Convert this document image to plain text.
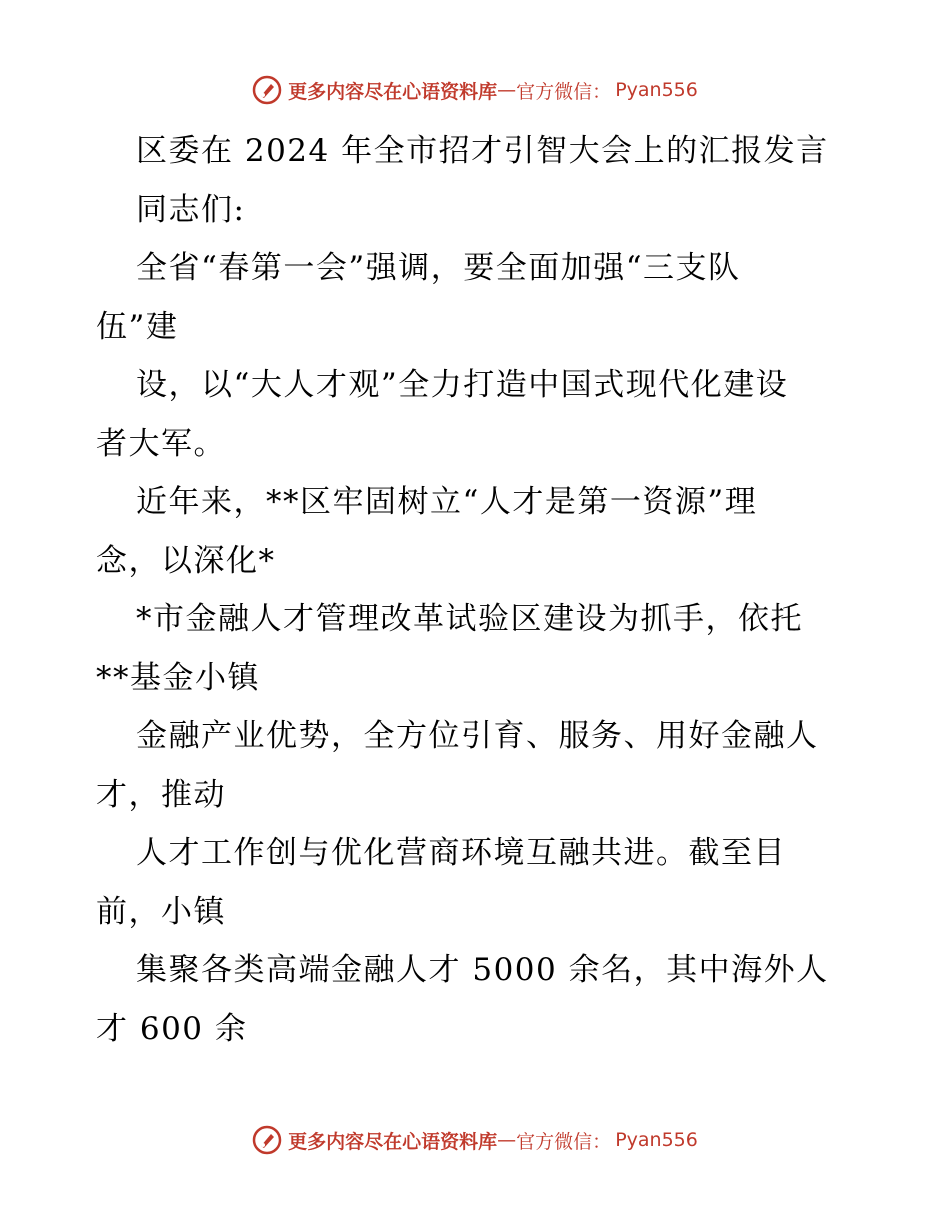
更多内容尽在心语资料库 — 官方微信： Pyan556
区委在 2024 年全市招才引智大会上的汇报发言
同志们:
全省“春第一会”强调，要全面加强“三支队
伍”建
设，以“大人才观”全力打造中国式现代化建设
者大军。
近年来，**区牢固树立“人才是第一资源”理
念，以深化*
*市金融人才管理改革试验区建设为抓手，依托
**基金小镇
金融产业优势，全方位引育、服务、用好金融人
才，推动
人才工作创与优化营商环境互融共进。截至目
前，小镇
集聚各类高端金融人才 5000 余名，其中海外人
才 600 余
更多内容尽在心语资料库 — 官方微信： Pyan556
